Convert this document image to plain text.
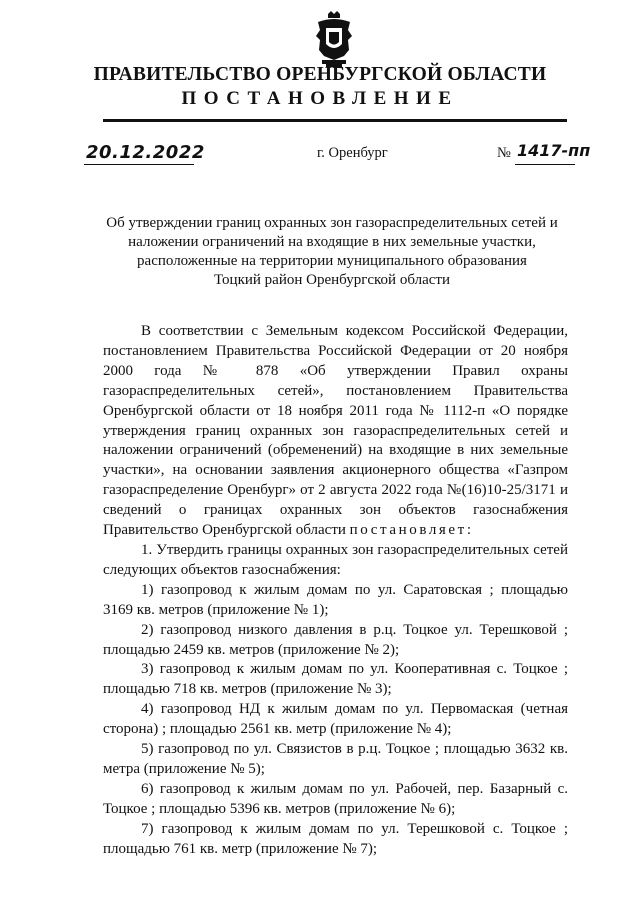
ПРАВИТЕЛЬСТВО ОРЕНБУРГСКОЙ ОБЛАСТИ
ПОСТАНОВЛЕНИЕ
20.12.2022	г. Оренбург	№ 1417-пп
Об утверждении границ охранных зон газораспределительных сетей и
наложении ограничений на входящие в них земельные участки,
расположенные на территории муниципального образования
Тоцкий район Оренбургской области

В соответствии с Земельным кодексом Российской Федерации, постановлением Правительства Российской Федерации от 20 ноября 2000 года № 878 «Об утверждении Правил охраны газораспределительных сетей», постановлением Правительства Оренбургской области от 18 ноября 2011 года № 1112-п «О порядке утверждения границ охранных зон газораспределительных сетей и наложении ограничений (обременений) на входящие в них земельные участки», на основании заявления акционерного общества «Газпром газораспределение Оренбург» от 2 августа 2022 года №(16)10-25/3171 и сведений о границах охранных зон объектов газоснабжения Правительство Оренбургской области постановляет:

1. Утвердить границы охранных зон газораспределительных сетей следующих объектов газоснабжения:

1) газопровод к жилым домам по ул. Саратовская ; площадью 3169 кв. метров (приложение № 1);

2) газопровод низкого давления в р.ц. Тоцкое ул. Терешковой ; площадью 2459 кв. метров (приложение № 2);

3) газопровод к жилым домам по ул. Кооперативная с. Тоцкое ; площадью 718 кв. метров (приложение № 3);

4) газопровод НД к жилым домам по ул. Первомаская (четная сторона) ; площадью 2561 кв. метр (приложение № 4);

5) газопровод по ул. Связистов в р.ц. Тоцкое ; площадью 3632 кв. метра (приложение № 5);

6) газопровод к жилым домам по ул. Рабочей, пер. Базарный с. Тоцкое ; площадью 5396 кв. метров (приложение № 6);

7) газопровод к жилым домам по ул. Терешковой с. Тоцкое ; площадью 761 кв. метр (приложение № 7);
